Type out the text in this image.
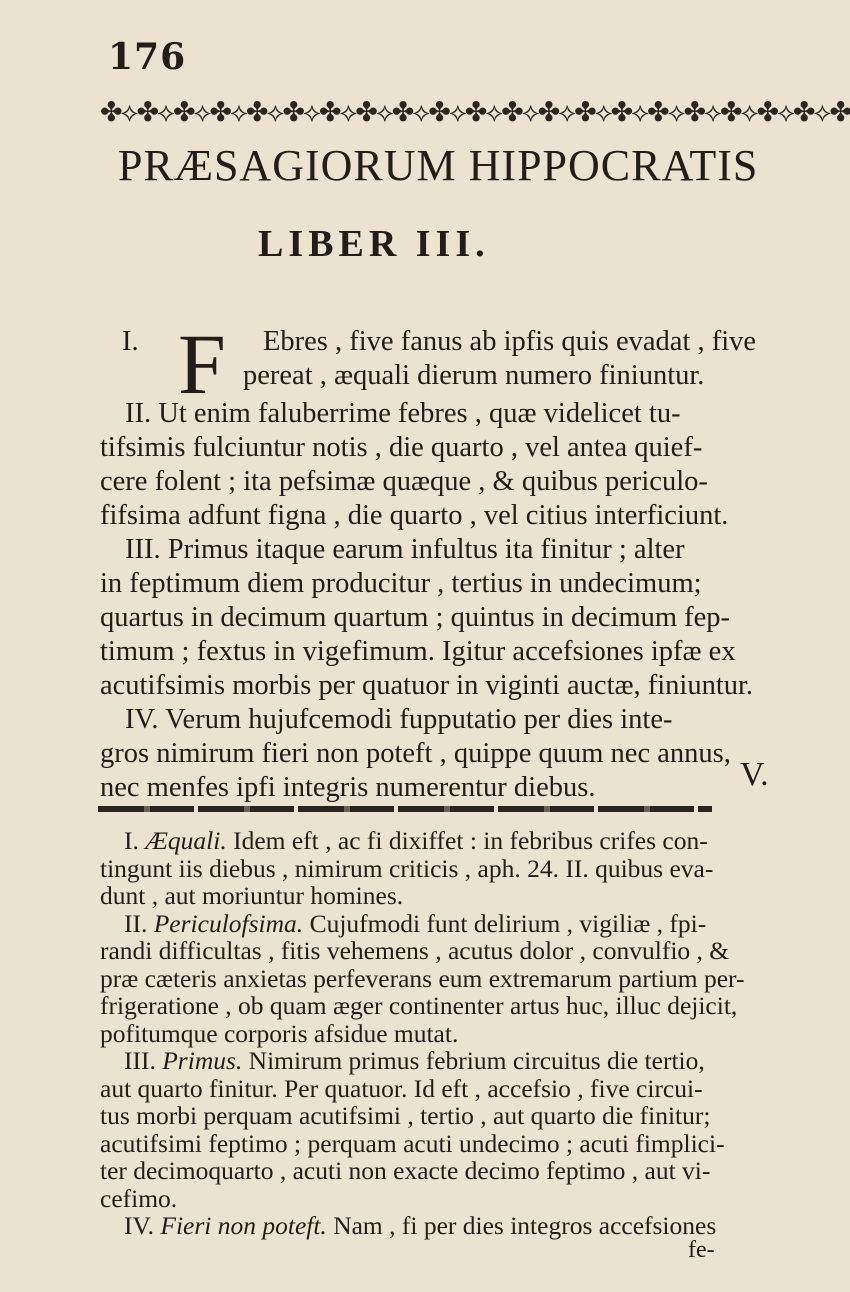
176
✤⟡✤⟡✤⟡✤⟡✤⟡✤⟡✤⟡✤⟡✤⟡✤⟡✤⟡✤⟡✤⟡✤⟡✤⟡✤⟡✤⟡✤⟡✤⟡✤⟡✤
PRÆSAGIORUM HIPPOCRATIS
LIBER III.
F
I.	Ebres , five fanus ab ipfis quis evadat , five
pereat , æquali dierum numero finiuntur.
II. Ut enim faluberrime febres , quæ videlicet tu-
tifsimis fulciuntur notis , die quarto , vel antea quief-
cere folent ; ita pefsimæ quæque , & quibus periculo-
fifsima adfunt figna , die quarto , vel citius interficiunt.
III. Primus itaque earum infultus ita finitur ; alter
in feptimum diem producitur , tertius in undecimum;
quartus in decimum quartum ; quintus in decimum fep-
timum ; fextus in vigefimum. Igitur accefsiones ipfæ ex
acutifsimis morbis per quatuor in viginti auctæ, finiuntur.
IV. Verum hujufcemodi fupputatio per dies inte-
gros nimirum fieri non poteft , quippe quum nec annus,
nec menfes ipfi integris numerentur diebus.	V.
I. Æquali. Idem eft , ac fi dixiffet : in febribus crifes con-
tingunt iis diebus , nimirum criticis , aph. 24. II. quibus eva-
dunt , aut moriuntur homines.
II. Periculofsima. Cujufmodi funt delirium , vigiliæ , fpi-
randi difficultas , fitis vehemens , acutus dolor , convulfio , &
præ cæteris anxietas perfeverans eum extremarum partium per-
frigeratione , ob quam æger continenter artus huc, illuc dejicit,
pofitumque corporis afsidue mutat.
III. Primus. Nimirum primus febrium circuitus die tertio,
aut quarto finitur. Per quatuor. Id eft , accefsio , five circui-
tus morbi perquam acutifsimi , tertio , aut quarto die finitur;
acutifsimi feptimo ; perquam acuti undecimo ; acuti fimplici-
ter decimoquarto , acuti non exacte decimo feptimo , aut vi-
cefimo.
IV. Fieri non poteft. Nam , fi per dies integros accefsiones
fe-
